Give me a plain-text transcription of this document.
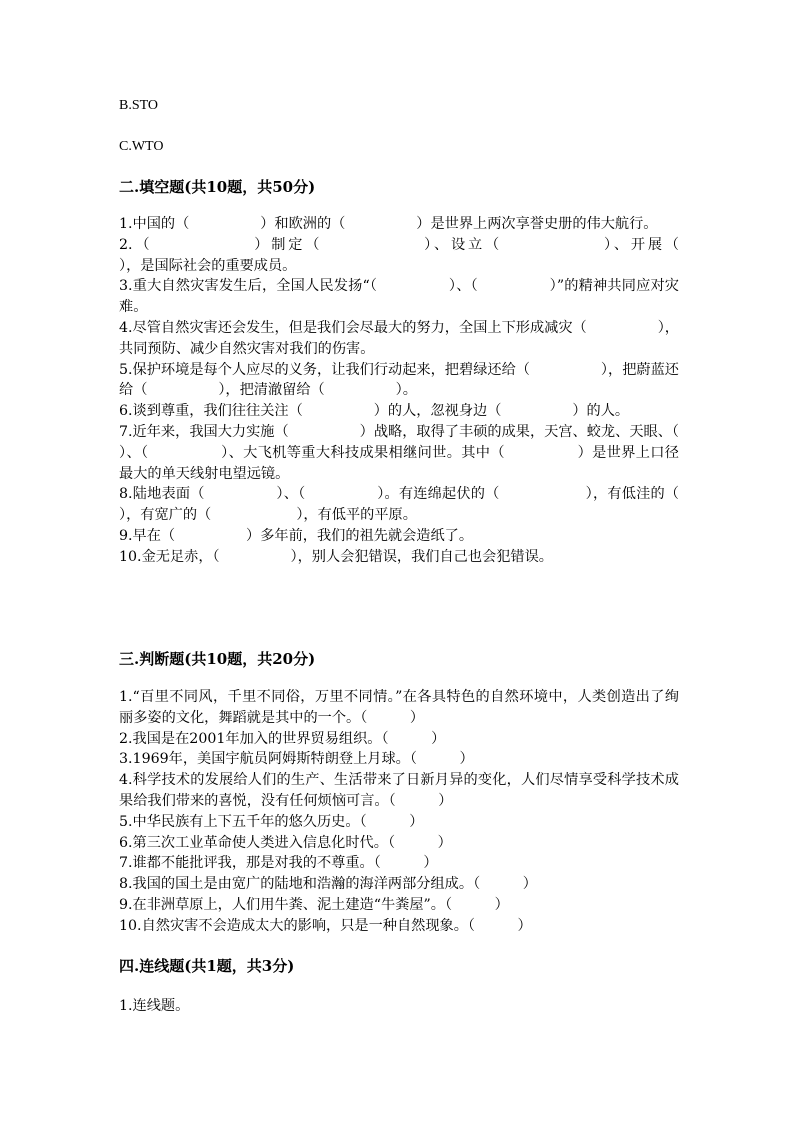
B.STO

C.WTO

二.填空题(共10题，共50分)

1.中国的（　　　　　）和欧洲的（　　　　　）是世界上两次享誉史册的伟大航行。

2.（　　　　　　）制定（　　　　　　）、设立（　　　　　　）、开展（　　　　　　），是国际社会的重要成员。

3.重大自然灾害发生后，全国人民发扬“（　　　　　）、（　　　　　）”的精神共同应对灾难。

4.尽管自然灾害还会发生，但是我们会尽最大的努力，全国上下形成减灾（　　　　　），共同预防、减少自然灾害对我们的伤害。

5.保护环境是每个人应尽的义务，让我们行动起来，把碧绿还给（　　　　　），把蔚蓝还给（　　　　　），把清澈留给（　　　　　）。

6.谈到尊重，我们往往关注（　　　　　）的人，忽视身边（　　　　　）的人。

7.近年来，我国大力实施（　　　　　）战略，取得了丰硕的成果，天宫、蛟龙、天眼、（　　　　　）、（　　　　　）、大飞机等重大科技成果相继问世。其中（　　　　　）是世界上口径最大的单天线射电望远镜。

8.陆地表面（　　　　　）、（　　　　　）。有连绵起伏的（　　　　　　），有低洼的（　　　　　　），有宽广的（　　　　　　），有低平的平原。

9.早在（　　　　　）多年前，我们的祖先就会造纸了。

10.金无足赤，（　　　　　），别人会犯错误，我们自己也会犯错误。

三.判断题(共10题，共20分)

1.“百里不同风，千里不同俗，万里不同情。”在各具特色的自然环境中，人类创造出了绚丽多姿的文化，舞蹈就是其中的一个。（　　　）

2.我国是在2001年加入的世界贸易组织。（　　　）

3.1969年，美国宇航员阿姆斯特朗登上月球。（　　　）

4.科学技术的发展给人们的生产、生活带来了日新月异的变化，人们尽情享受科学技术成果给我们带来的喜悦，没有任何烦恼可言。（　　　）

5.中华民族有上下五千年的悠久历史。（　　　）

6.第三次工业革命使人类进入信息化时代。（　　　）

7.谁都不能批评我，那是对我的不尊重。（　　　）

8.我国的国土是由宽广的陆地和浩瀚的海洋两部分组成。（　　　）

9.在非洲草原上，人们用牛粪、泥土建造“牛粪屋”。（　　　）

10.自然灾害不会造成太大的影响，只是一种自然现象。（　　　）

四.连线题(共1题，共3分)

1.连线题。
